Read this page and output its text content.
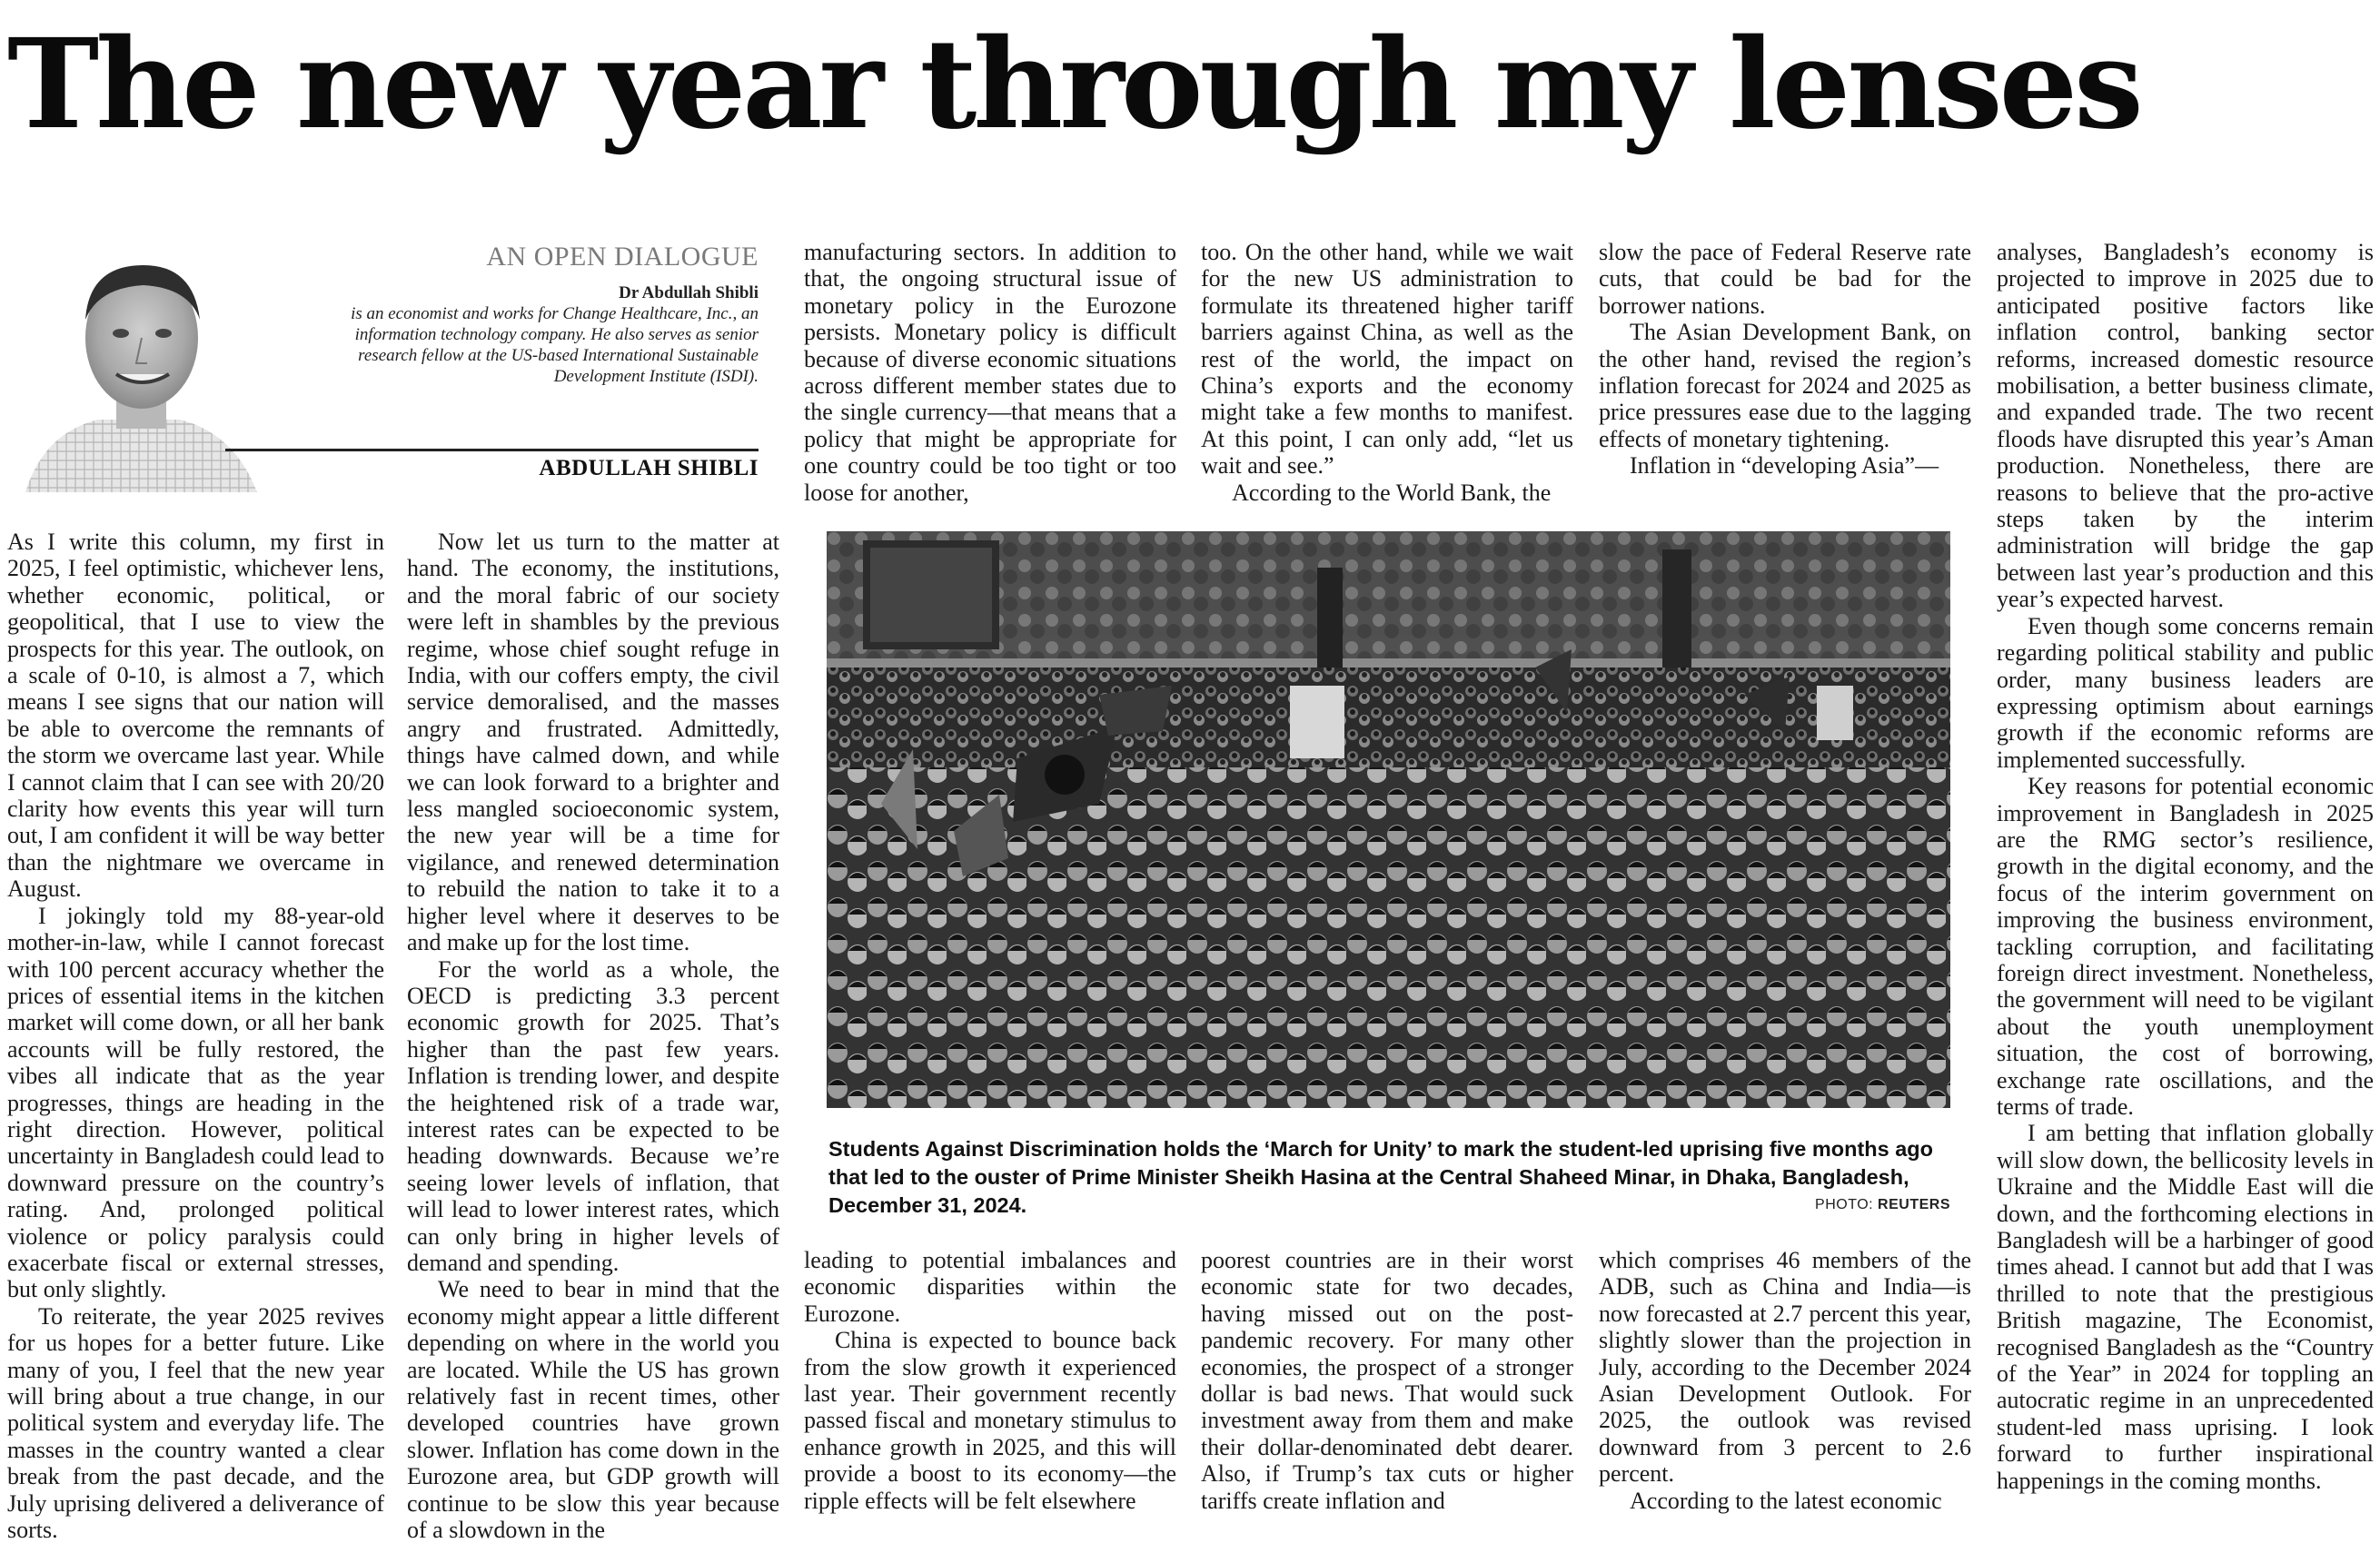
The new year through my lenses
AN OPEN DIALOGUE
Dr Abdullah Shibli
is an economist and works for Change Healthcare, Inc., an information technology company. He also serves as senior research fellow at the US-based International Sustainable Development Institute (ISDI).
ABDULLAH SHIBLI

As I write this column, my first in 2025, I feel optimistic, whichever lens, whether economic, political, or geopolitical, that I use to view the prospects for this year. The outlook, on a scale of 0-10, is almost a 7, which means I see signs that our nation will be able to overcome the remnants of the storm we overcame last year. While I cannot claim that I can see with 20/20 clarity how events this year will turn out, I am confident it will be way better than the nightmare we overcame in August.

I jokingly told my 88-year-old mother-in-law, while I cannot forecast with 100 percent accuracy whether the prices of essential items in the kitchen market will come down, or all her bank accounts will be fully restored, the vibes all indicate that as the year progresses, things are heading in the right direction. However, political uncertainty in Bangladesh could lead to downward pressure on the country’s rating. And, prolonged political violence or policy paralysis could exacerbate fiscal or external stresses, but only slightly.

To reiterate, the year 2025 revives for us hopes for a better future. Like many of you, I feel that the new year will bring about a true change, in our political system and everyday life. The masses in the country wanted a clear break from the past decade, and the July uprising delivered a deliverance of sorts.

Now let us turn to the matter at hand. The economy, the institutions, and the moral fabric of our society were left in shambles by the previous regime, whose chief sought refuge in India, with our coffers empty, the civil service demoralised, and the masses angry and frustrated. Admittedly, things have calmed down, and while we can look forward to a brighter and less mangled socioeconomic system, the new year will be a time for vigilance, and renewed determination to rebuild the nation to take it to a higher level where it deserves to be and make up for the lost time.

For the world as a whole, the OECD is predicting 3.3 percent economic growth for 2025. That’s higher than the past few years. Inflation is trending lower, and despite the heightened risk of a trade war, interest rates can be expected to be heading downwards. Because we’re seeing lower levels of inflation, that will lead to lower interest rates, which can only bring in higher levels of demand and spending.

We need to bear in mind that the economy might appear a little different depending on where in the world you are located. While the US has grown relatively fast in recent times, other developed countries have grown slower. Inflation has come down in the Eurozone area, but GDP growth will continue to be slow this year because of a slowdown in the

manufacturing sectors. In addition to that, the ongoing structural issue of monetary policy in the Eurozone persists. Monetary policy is difficult because of diverse economic situations across different member states due to the single currency—that means that a policy that might be appropriate for one country could be too tight or too loose for another,

too. On the other hand, while we wait for the new US administration to formulate its threatened higher tariff barriers against China, as well as the rest of the world, the impact on China’s exports and the economy might take a few months to manifest. At this point, I can only add, “let us wait and see.”

According to the World Bank, the

slow the pace of Federal Reserve rate cuts, that could be bad for the borrower nations.

The Asian Development Bank, on the other hand, revised the region’s inflation forecast for 2024 and 2025 as price pressures ease due to the lagging effects of monetary tightening.

Inflation in “developing Asia”—

Students Against Discrimination holds the ‘March for Unity’ to mark the student-led uprising five months ago that led to the ouster of Prime Minister Sheikh Hasina at the Central Shaheed Minar, in Dhaka, Bangladesh, December 31, 2024.	PHOTO: REUTERS

leading to potential imbalances and economic disparities within the Eurozone.

China is expected to bounce back from the slow growth it experienced last year. Their government recently passed fiscal and monetary stimulus to enhance growth in 2025, and this will provide a boost to its economy—the ripple effects will be felt elsewhere

poorest countries are in their worst economic state for two decades, having missed out on the post-pandemic recovery. For many other economies, the prospect of a stronger dollar is bad news. That would suck investment away from them and make their dollar-denominated debt dearer. Also, if Trump’s tax cuts or higher tariffs create inflation and

which comprises 46 members of the ADB, such as China and India—is now forecasted at 2.7 percent this year, slightly slower than the projection in July, according to the December 2024 Asian Development Outlook. For 2025, the outlook was revised downward from 3 percent to 2.6 percent.

According to the latest economic

analyses, Bangladesh’s economy is projected to improve in 2025 due to anticipated positive factors like inflation control, banking sector reforms, increased domestic resource mobilisation, a better business climate, and expanded trade. The two recent floods have disrupted this year’s Aman production. Nonetheless, there are reasons to believe that the pro-active steps taken by the interim administration will bridge the gap between last year’s production and this year’s expected harvest.

Even though some concerns remain regarding political stability and public order, many business leaders are expressing optimism about earnings growth if the economic reforms are implemented successfully.

Key reasons for potential economic improvement in Bangladesh in 2025 are the RMG sector’s resilience, growth in the digital economy, and the focus of the interim government on improving the business environment, tackling corruption, and facilitating foreign direct investment. Nonetheless, the government will need to be vigilant about the youth unemployment situation, the cost of borrowing, exchange rate oscillations, and the terms of trade.

I am betting that inflation globally will slow down, the bellicosity levels in Ukraine and the Middle East will die down, and the forthcoming elections in Bangladesh will be a harbinger of good times ahead. I cannot but add that I was thrilled to note that the prestigious British magazine, The Economist, recognised Bangladesh as the “Country of the Year” in 2024 for toppling an autocratic regime in an unprecedented student-led mass uprising. I look forward to further inspirational happenings in the coming months.
